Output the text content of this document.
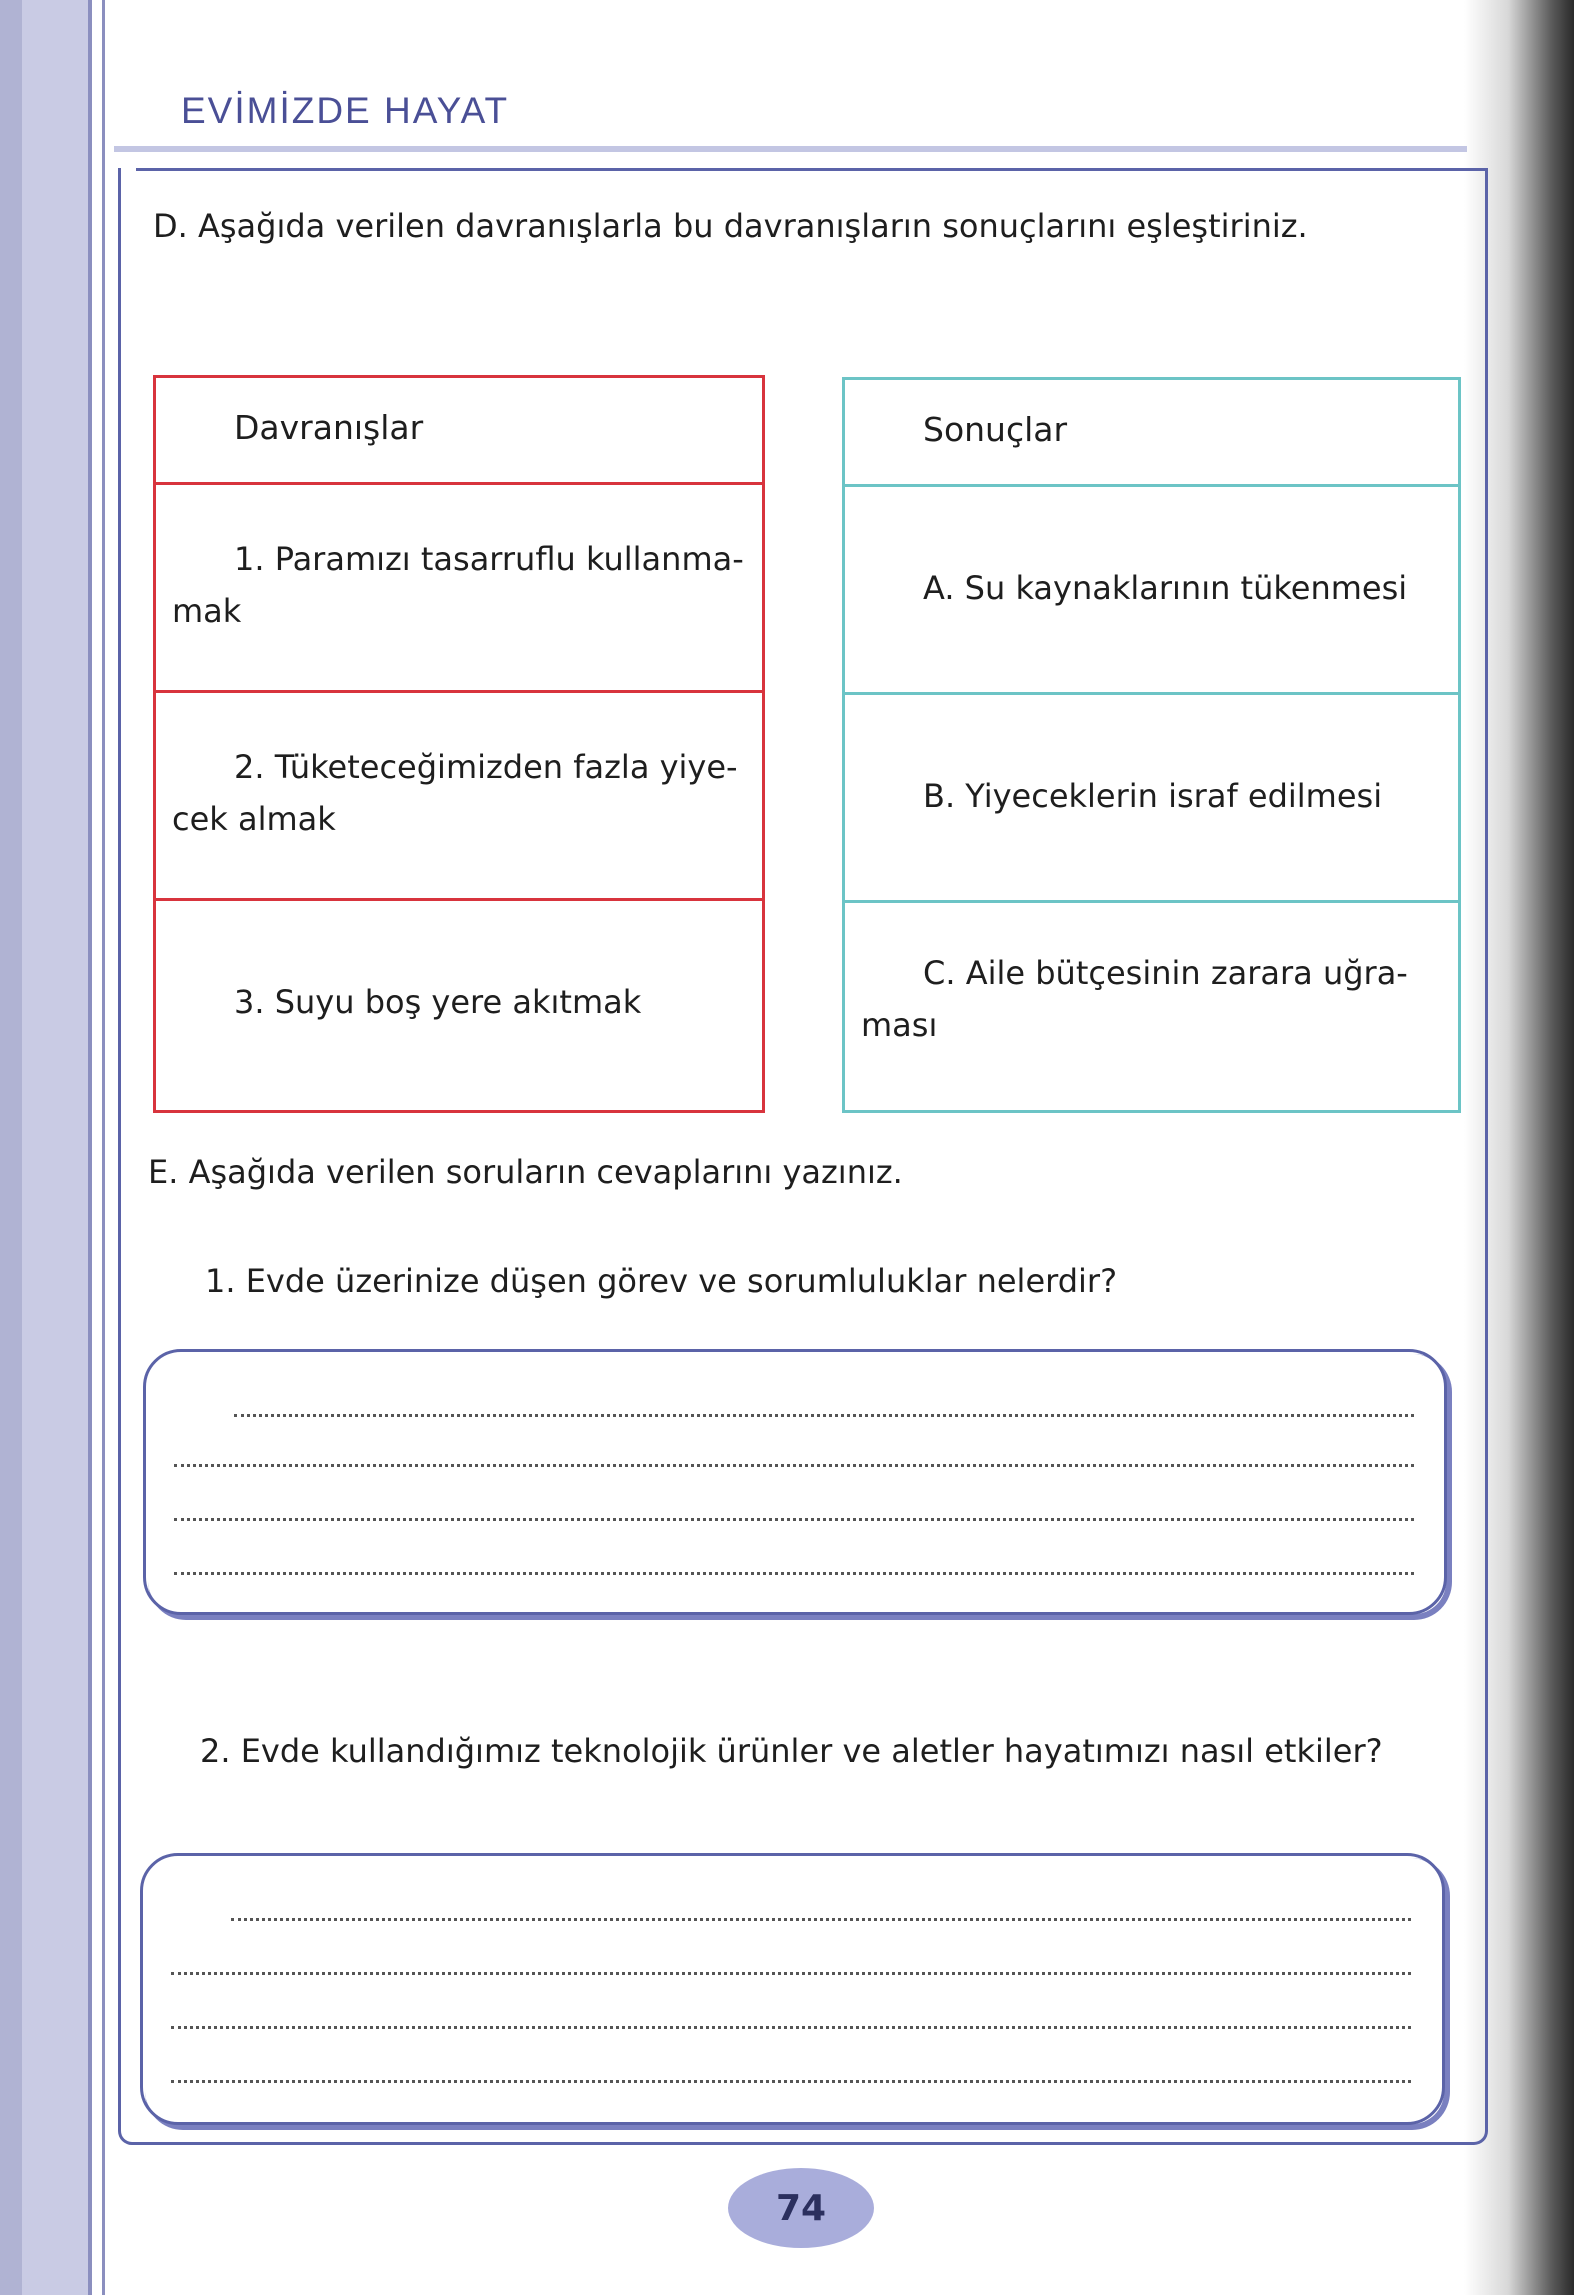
EVİMİZDE HAYAT
D. Aşağıda verilen davranışlarla bu davranışların sonuçlarını eşleştiriniz.
Davranışlar
1. Paramızı tasarruflu kullanma-
mak
2. Tüketeceğimizden fazla yiye-
cek almak
3. Suyu boş yere akıtmak
Sonuçlar
A. Su kaynaklarının tükenmesi
B. Yiyeceklerin israf edilmesi
C. Aile bütçesinin zarara uğra-
ması
E. Aşağıda verilen soruların cevaplarını yazınız.
1. Evde üzerinize düşen görev ve sorumluluklar nelerdir?
2. Evde kullandığımız teknolojik ürünler ve aletler hayatımızı nasıl etkiler?
74
